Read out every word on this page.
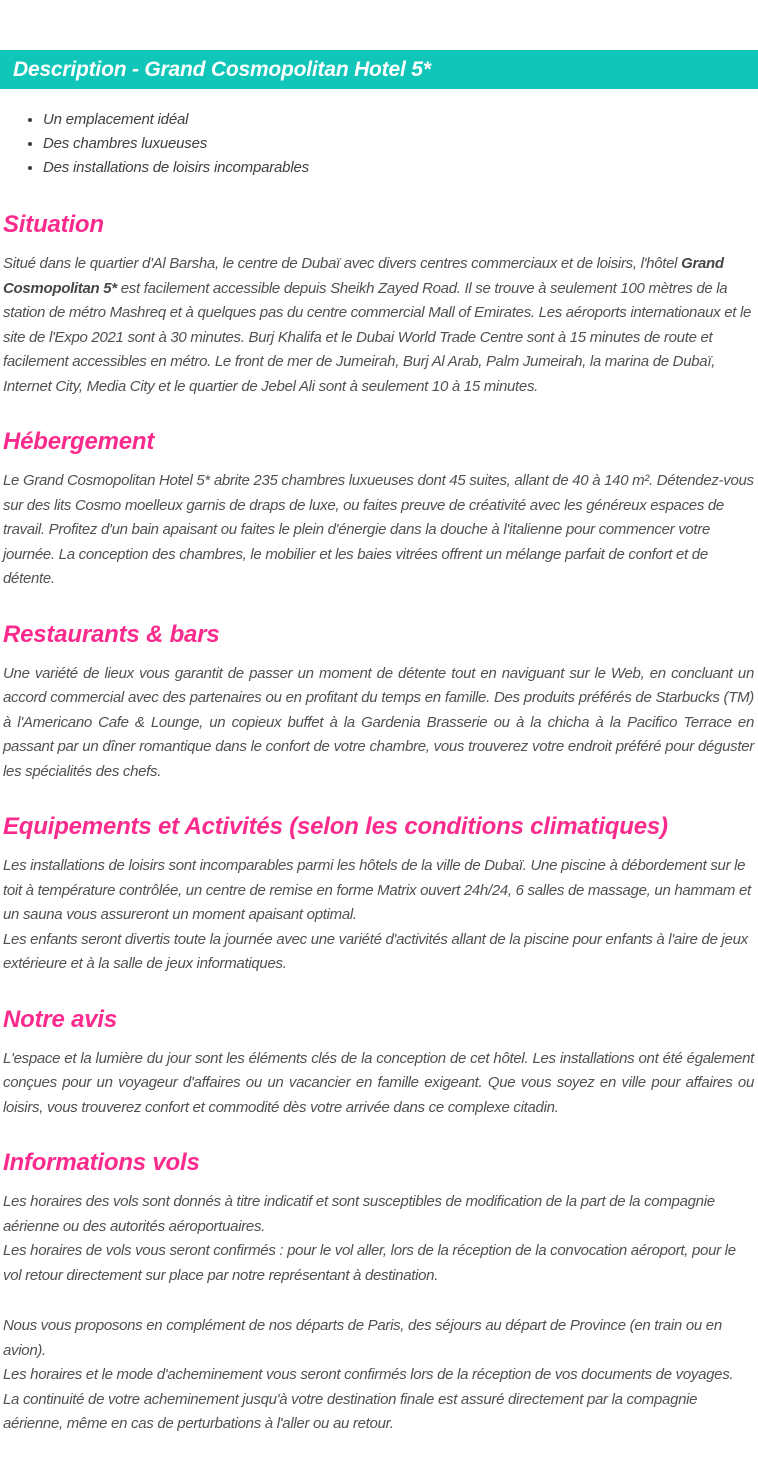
Description - Grand Cosmopolitan Hotel 5*
• Un emplacement idéal
• Des chambres luxueuses
• Des installations de loisirs incomparables
Situation

Situé dans le quartier d'Al Barsha, le centre de Dubaï avec divers centres commerciaux et de loisirs, l'hôtel Grand Cosmopolitan 5* est facilement accessible depuis Sheikh Zayed Road. Il se trouve à seulement 100 mètres de la station de métro Mashreq et à quelques pas du centre commercial Mall of Emirates. Les aéroports internationaux et le site de l'Expo 2021 sont à 30 minutes. Burj Khalifa et le Dubai World Trade Centre sont à 15 minutes de route et facilement accessibles en métro. Le front de mer de Jumeirah, Burj Al Arab, Palm Jumeirah, la marina de Dubaï, Internet City, Media City et le quartier de Jebel Ali sont à seulement 10 à 15 minutes.

Hébergement

Le Grand Cosmopolitan Hotel 5* abrite 235 chambres luxueuses dont 45 suites, allant de 40 à 140 m². Détendez-vous sur des lits Cosmo moelleux garnis de draps de luxe, ou faites preuve de créativité avec les généreux espaces de travail. Profitez d'un bain apaisant ou faites le plein d'énergie dans la douche à l'italienne pour commencer votre journée. La conception des chambres, le mobilier et les baies vitrées offrent un mélange parfait de confort et de détente.

Restaurants & bars

Une variété de lieux vous garantit de passer un moment de détente tout en naviguant sur le Web, en concluant un accord commercial avec des partenaires ou en profitant du temps en famille. Des produits préférés de Starbucks (TM) à l'Americano Cafe & Lounge, un copieux buffet à la Gardenia Brasserie ou à la chicha à la Pacifico Terrace en passant par un dîner romantique dans le confort de votre chambre, vous trouverez votre endroit préféré pour déguster les spécialités des chefs.

Equipements et Activités (selon les conditions climatiques)

Les installations de loisirs sont incomparables parmi les hôtels de la ville de Dubaï. Une piscine à débordement sur le toit à température contrôlée, un centre de remise en forme Matrix ouvert 24h/24, 6 salles de massage, un hammam et un sauna vous assureront un moment apaisant optimal.

Les enfants seront divertis toute la journée avec une variété d'activités allant de la piscine pour enfants à l'aire de jeux extérieure et à la salle de jeux informatiques.

Notre avis

L'espace et la lumière du jour sont les éléments clés de la conception de cet hôtel. Les installations ont été également conçues pour un voyageur d'affaires ou un vacancier en famille exigeant. Que vous soyez en ville pour affaires ou loisirs, vous trouverez confort et commodité dès votre arrivée dans ce complexe citadin.

Informations vols

Les horaires des vols sont donnés à titre indicatif et sont susceptibles de modification de la part de la compagnie aérienne ou des autorités aéroportuaires.

Les horaires de vols vous seront confirmés : pour le vol aller, lors de la réception de la convocation aéroport, pour le vol retour directement sur place par notre représentant à destination.

Nous vous proposons en complément de nos départs de Paris, des séjours au départ de Province (en train ou en avion).

Les horaires et le mode d'acheminement vous seront confirmés lors de la réception de vos documents de voyages.

La continuité de votre acheminement jusqu'à votre destination finale est assuré directement par la compagnie aérienne, même en cas de perturbations à l'aller ou au retour.
